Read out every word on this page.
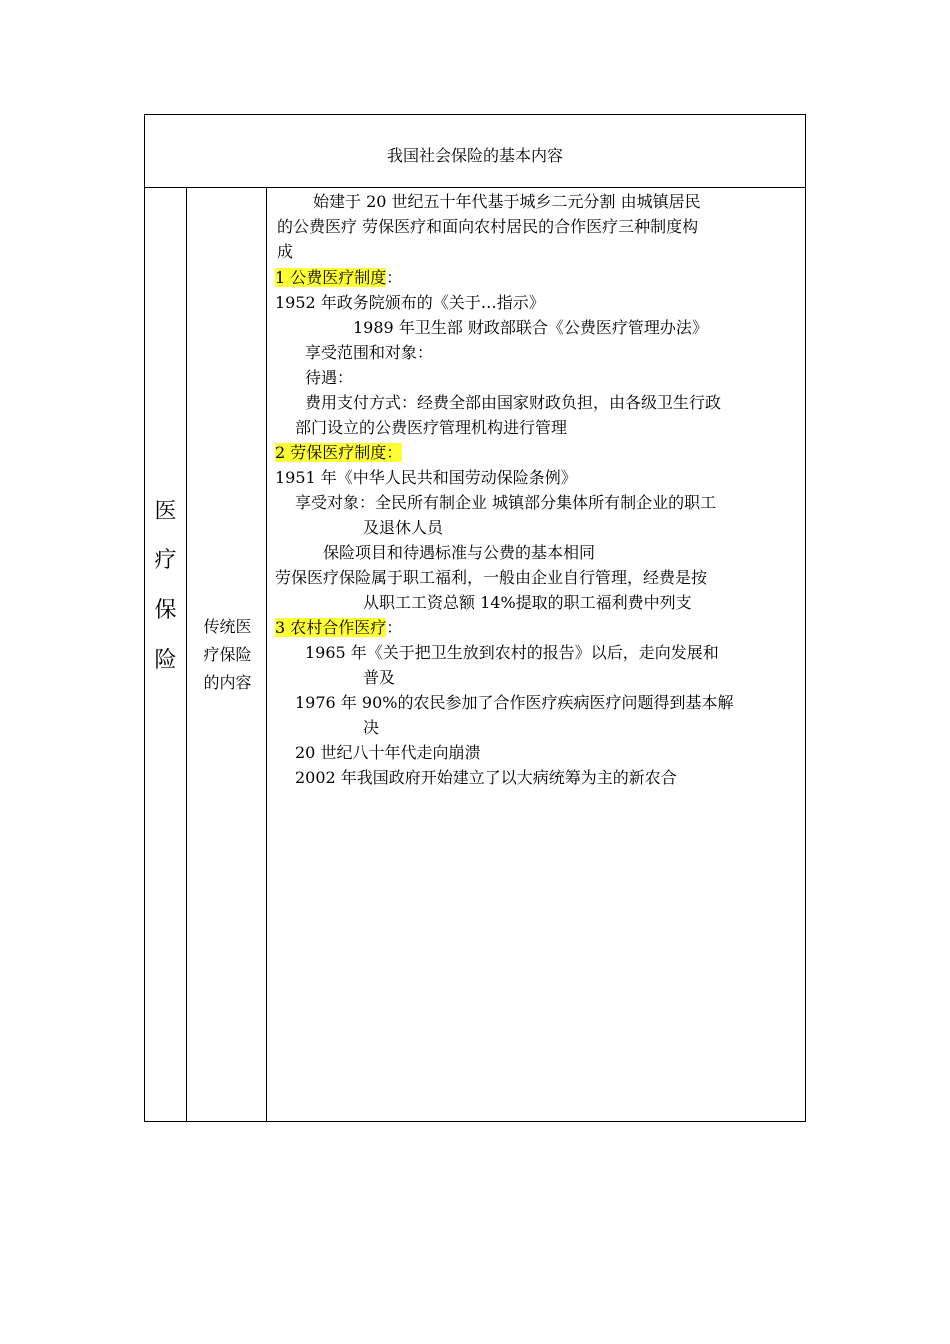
我国社会保险的基本内容
医
疗
保
险
传统医
疗保险
的内容
始建于 20 世纪五十年代基于城乡二元分割 由城镇居民
的公费医疗 劳保医疗和面向农村居民的合作医疗三种制度构
成
1 公费医疗制度：
1952 年政务院颁布的《关于…指示》
1989 年卫生部 财政部联合《公费医疗管理办法》
享受范围和对象：
待遇：
费用支付方式：经费全部由国家财政负担，由各级卫生行政
部门设立的公费医疗管理机构进行管理
2 劳保医疗制度：
1951 年《中华人民共和国劳动保险条例》
享受对象：全民所有制企业 城镇部分集体所有制企业的职工
及退休人员
保险项目和待遇标准与公费的基本相同
劳保医疗保险属于职工福利，一般由企业自行管理，经费是按
从职工工资总额 14%提取的职工福利费中列支
3 农村合作医疗：
1965 年《关于把卫生放到农村的报告》以后，走向发展和
普及
1976 年 90%的农民参加了合作医疗疾病医疗问题得到基本解
决
20 世纪八十年代走向崩溃
2002 年我国政府开始建立了以大病统筹为主的新农合
